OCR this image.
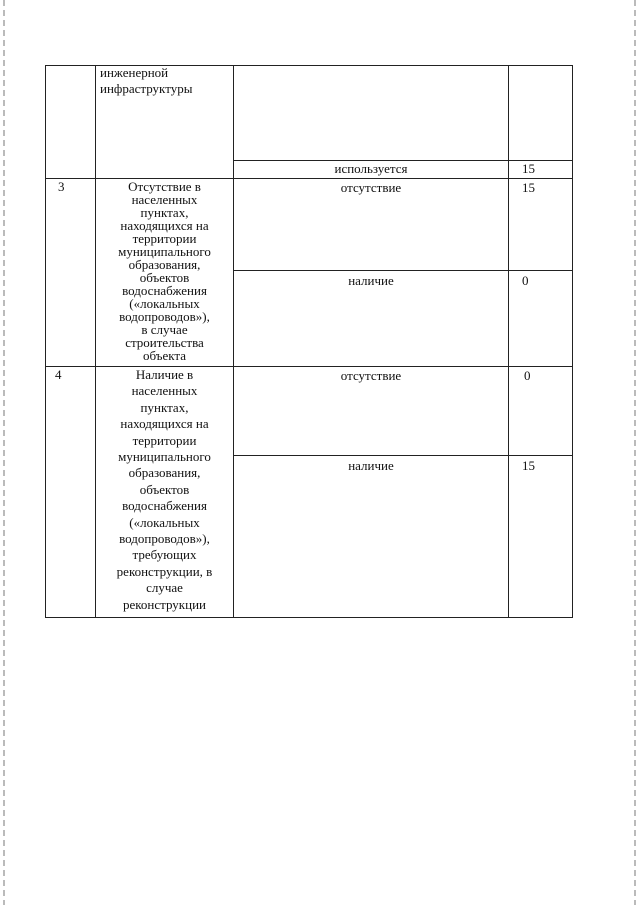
инженерной
инфраструктуры
используется	15
3	Отсутствие в
населенных
пунктах,
находящихся на
территории
муниципального
образования,
объектов
водоснабжения
(«локальных
водопроводов»),
в случае
строительства
объекта
отсутствие	15
наличие	0
4	Наличие в
населенных
пунктах,
находящихся на
территории
муниципального
образования,
объектов
водоснабжения
(«локальных
водопроводов»),
требующих
реконструкции, в
случае
реконструкции
отсутствие	0
наличие	15
